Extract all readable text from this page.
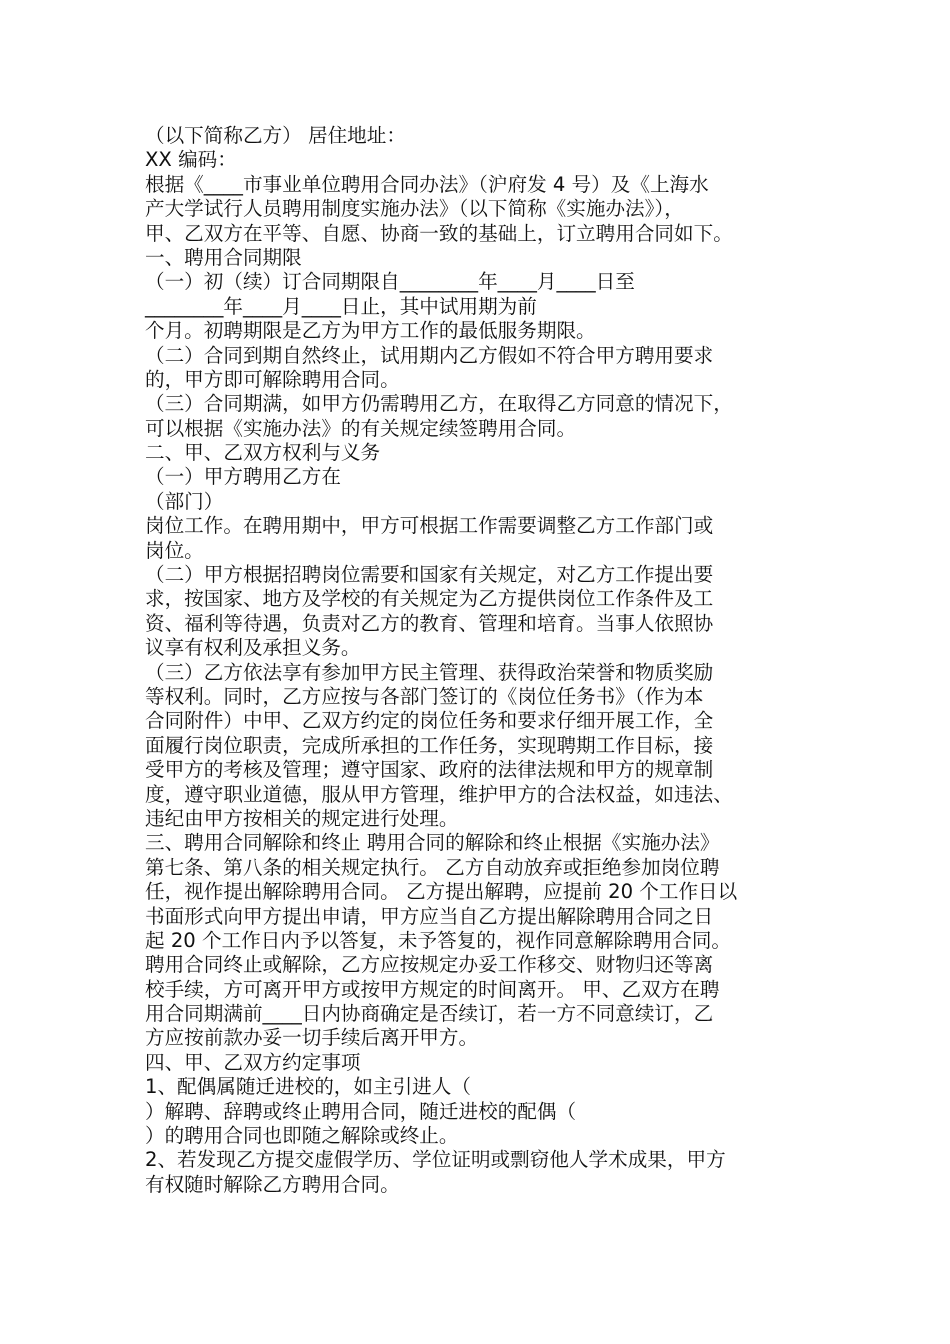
（以下简称乙方） 居住地址：
XX 编码：
根据《____市事业单位聘用合同办法》（沪府发 4 号）及《上海水
产大学试行人员聘用制度实施办法》（以下简称《实施办法》），
甲、乙双方在平等、自愿、协商一致的基础上，订立聘用合同如下。
一、聘用合同期限
（一）初（续）订合同期限自________年____月____日至
________年____月____日止，其中试用期为前
个月。初聘期限是乙方为甲方工作的最低服务期限。
（二）合同到期自然终止，试用期内乙方假如不符合甲方聘用要求
的，甲方即可解除聘用合同。
（三）合同期满，如甲方仍需聘用乙方，在取得乙方同意的情况下，
可以根据《实施办法》的有关规定续签聘用合同。
二、甲、乙双方权利与义务
（一）甲方聘用乙方在
（部门）
岗位工作。在聘用期中，甲方可根据工作需要调整乙方工作部门或
岗位。
（二）甲方根据招聘岗位需要和国家有关规定，对乙方工作提出要
求，按国家、地方及学校的有关规定为乙方提供岗位工作条件及工
资、福利等待遇，负责对乙方的教育、管理和培育。当事人依照协
议享有权利及承担义务。
（三）乙方依法享有参加甲方民主管理、获得政治荣誉和物质奖励
等权利。同时，乙方应按与各部门签订的《岗位任务书》（作为本
合同附件）中甲、乙双方约定的岗位任务和要求仔细开展工作，全
面履行岗位职责，完成所承担的工作任务，实现聘期工作目标，接
受甲方的考核及管理；遵守国家、政府的法律法规和甲方的规章制
度，遵守职业道德，服从甲方管理，维护甲方的合法权益，如违法、
违纪由甲方按相关的规定进行处理。
三、聘用合同解除和终止 聘用合同的解除和终止根据《实施办法》
第七条、第八条的相关规定执行。 乙方自动放弃或拒绝参加岗位聘
任，视作提出解除聘用合同。 乙方提出解聘，应提前 20 个工作日以
书面形式向甲方提出申请，甲方应当自乙方提出解除聘用合同之日
起 20 个工作日内予以答复，未予答复的，视作同意解除聘用合同。
聘用合同终止或解除，乙方应按规定办妥工作移交、财物归还等离
校手续，方可离开甲方或按甲方规定的时间离开。 甲、乙双方在聘
用合同期满前____日内协商确定是否续订，若一方不同意续订，乙
方应按前款办妥一切手续后离开甲方。
四、甲、乙双方约定事项
1、配偶属随迁进校的，如主引进人（
）解聘、辞聘或终止聘用合同，随迁进校的配偶（
）的聘用合同也即随之解除或终止。
2、若发现乙方提交虚假学历、学位证明或剽窃他人学术成果，甲方
有权随时解除乙方聘用合同。
